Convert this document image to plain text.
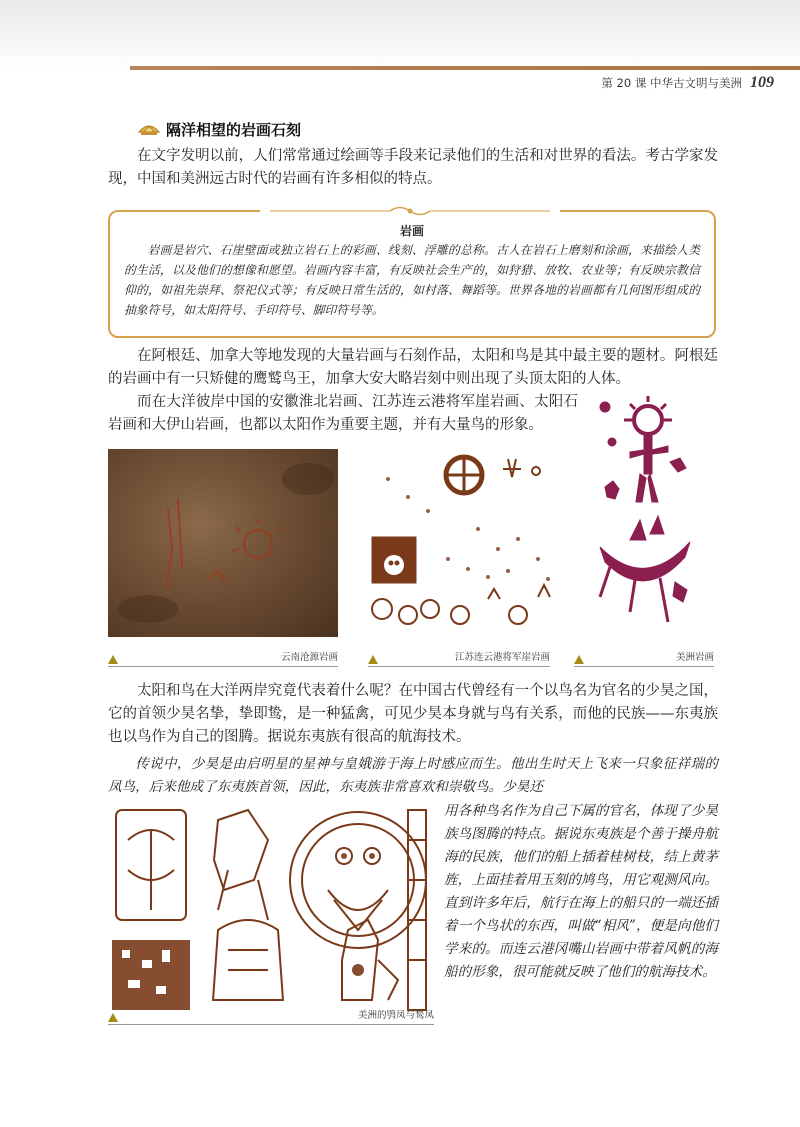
第 20 课 中华古文明与美洲 109
隔洋相望的岩画石刻

在文字发明以前，人们常常通过绘画等手段来记录他们的生活和对世界的看法。考古学家发现，中国和美洲远古时代的岩画有许多相似的特点。

岩画

岩画是岩穴、石崖壁面或独立岩石上的彩画、线刻、浮雕的总称。古人在岩石上磨刻和涂画，来描绘人类的生活，以及他们的想像和愿望。岩画内容丰富，有反映社会生产的，如狩猎、放牧、农业等；有反映宗教信仰的，如祖先崇拜、祭祀仪式等；有反映日常生活的，如村落、舞蹈等。世界各地的岩画都有几何图形组成的抽象符号，如太阳符号、手印符号、脚印符号等。

在阿根廷、加拿大等地发现的大量岩画与石刻作品，太阳和鸟是其中最主要的题材。阿根廷的岩画中有一只矫健的鹰鹫鸟王，加拿大安大略岩刻中则出现了头顶太阳的人体。

而在大洋彼岸中国的安徽淮北岩画、江苏连云港将军崖岩画、太阳石岩画和大伊山岩画，也都以太阳作为重要主题，并有大量鸟的形象。

云南沧源岩画	江苏连云港将军崖岩画	美洲岩画

太阳和鸟在大洋两岸究竟代表着什么呢？在中国古代曾经有一个以鸟名为官名的少昊之国，它的首领少昊名挚，挚即鸷，是一种猛禽，可见少昊本身就与鸟有关系，而他的民族——东夷族也以鸟作为自己的图腾。据说东夷族有很高的航海技术。

传说中，少昊是由启明星的星神与皇娥游于海上时感应而生。他出生时天上飞来一只象征祥瑞的凤鸟，后来他成了东夷族首领，因此，东夷族非常喜欢和崇敬鸟。少昊还

用各种鸟名作为自己下属的官名，体现了少昊族鸟图腾的特点。据说东夷族是个善于操舟航海的民族，他们的船上插着桂树枝，结上黄茅旌，上面挂着用玉刻的鸠鸟，用它观测风向。直到许多年后，航行在海上的船只的一端还插着一个鸟状的东西，叫做“相风”，便是向他们学来的。而连云港冈嘴山岩画中带着风帆的海船的形象，很可能就反映了他们的航海技术。

美洲的鸮凤与鹙凤
